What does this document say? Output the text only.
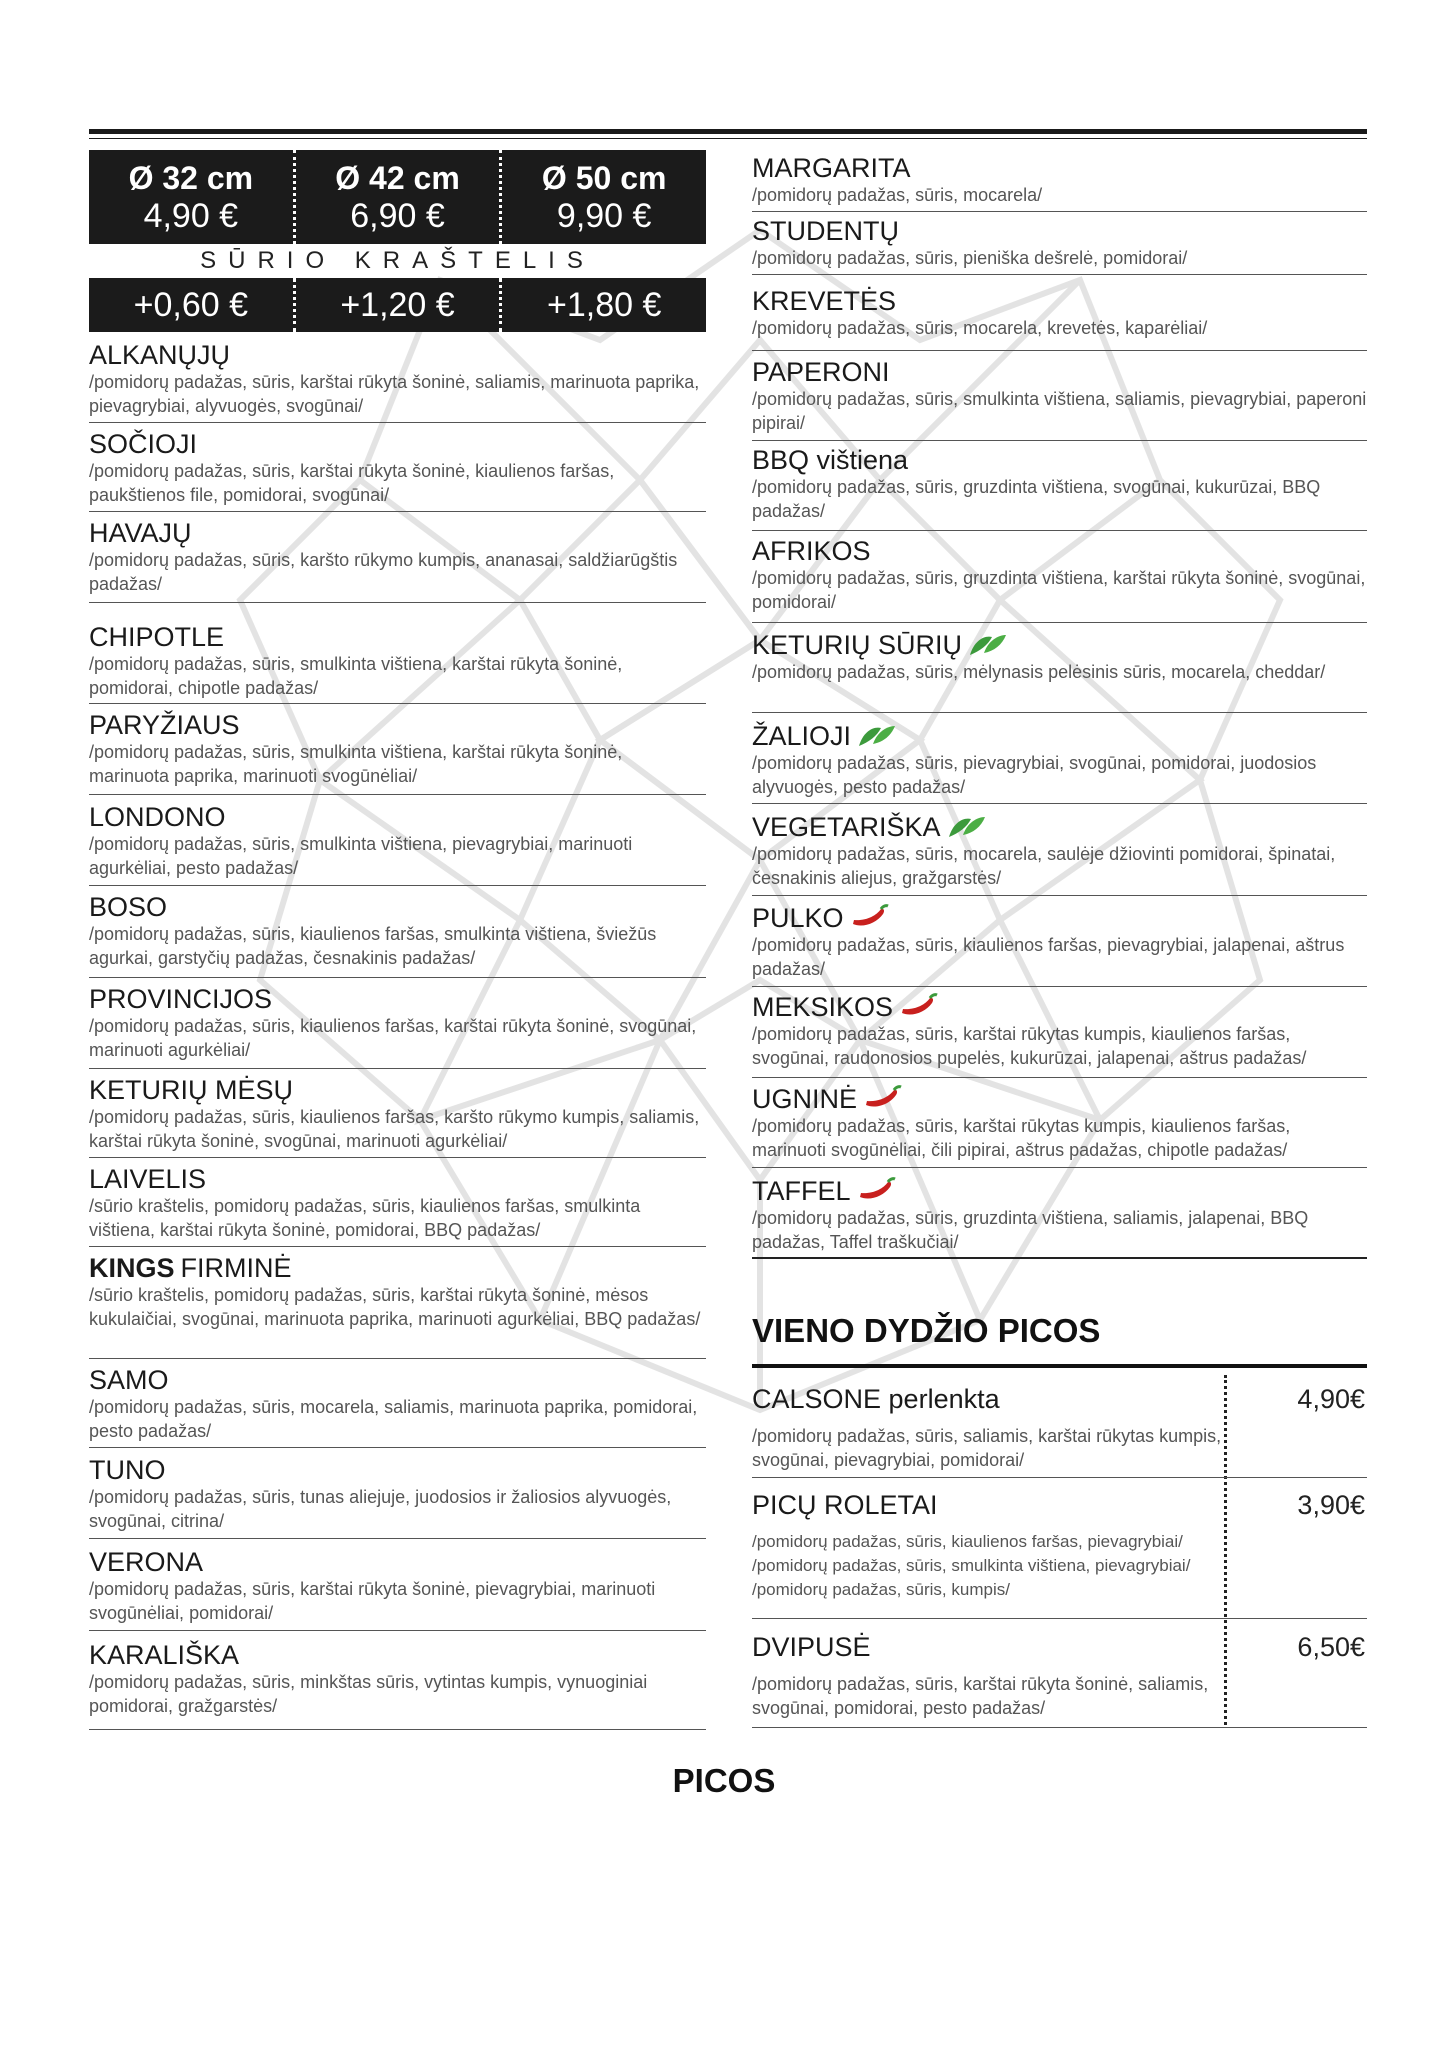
Ø 32 cm
4,90 €
Ø 42 cm
6,90 €
Ø 50 cm
9,90 €
SŪRIO KRAŠTELIS
+0,60 €	+1,20 €	+1,80 €
ALKANŲJŲ
/pomidorų padažas, sūris, karštai rūkyta šoninė, saliamis, marinuota paprika, pievagrybiai, alyvuogės, svogūnai/
SOČIOJI
/pomidorų padažas, sūris, karštai rūkyta šoninė, kiaulienos faršas, paukštienos file, pomidorai, svogūnai/
HAVAJŲ
/pomidorų padažas, sūris, karšto rūkymo kumpis, ananasai, saldžiarūgštis padažas/
CHIPOTLE
/pomidorų padažas, sūris, smulkinta vištiena, karštai rūkyta šoninė, pomidorai, chipotle padažas/
PARYŽIAUS
/pomidorų padažas, sūris, smulkinta vištiena, karštai rūkyta šoninė, marinuota paprika, marinuoti svogūnėliai/
LONDONO
/pomidorų padažas, sūris, smulkinta vištiena, pievagrybiai, marinuoti agurkėliai, pesto padažas/
BOSO
/pomidorų padažas, sūris, kiaulienos faršas, smulkinta vištiena, šviežūs agurkai, garstyčių padažas, česnakinis padažas/
PROVINCIJOS
/pomidorų padažas, sūris, kiaulienos faršas, karštai rūkyta šoninė, svogūnai, marinuoti agurkėliai/
KETURIŲ MĖSŲ
/pomidorų padažas, sūris, kiaulienos faršas, karšto rūkymo kumpis, saliamis, karštai rūkyta šoninė, svogūnai, marinuoti agurkėliai/
LAIVELIS
/sūrio kraštelis, pomidorų padažas, sūris, kiaulienos faršas, smulkinta vištiena, karštai rūkyta šoninė, pomidorai, BBQ padažas/
KINGS FIRMINĖ
/sūrio kraštelis, pomidorų padažas, sūris, karštai rūkyta šoninė, mėsos kukulaičiai, svogūnai, marinuota paprika, marinuoti agurkėliai, BBQ padažas/
SAMO
/pomidorų padažas, sūris, mocarela, saliamis, marinuota paprika, pomidorai, pesto padažas/
TUNO
/pomidorų padažas, sūris, tunas aliejuje, juodosios ir žaliosios alyvuogės, svogūnai, citrina/
VERONA
/pomidorų padažas, sūris, karštai rūkyta šoninė, pievagrybiai, marinuoti svogūnėliai, pomidorai/
KARALIŠKA
/pomidorų padažas, sūris, minkštas sūris, vytintas kumpis, vynuoginiai pomidorai, gražgarstės/
MARGARITA
/pomidorų padažas, sūris, mocarela/
STUDENTŲ
/pomidorų padažas, sūris, pieniška dešrelė, pomidorai/
KREVETĖS
/pomidorų padažas, sūris, mocarela, krevetės, kaparėliai/
PAPERONI
/pomidorų padažas, sūris, smulkinta vištiena, saliamis, pievagrybiai, paperoni pipirai/
BBQ vištiena
/pomidorų padažas, sūris, gruzdinta vištiena, svogūnai, kukurūzai, BBQ padažas/
AFRIKOS
/pomidorų padažas, sūris, gruzdinta vištiena, karštai rūkyta šoninė, svogūnai, pomidorai/
KETURIŲ SŪRIŲ
/pomidorų padažas, sūris, mėlynasis pelėsinis sūris, mocarela, cheddar/
ŽALIOJI
/pomidorų padažas, sūris, pievagrybiai, svogūnai, pomidorai, juodosios alyvuogės, pesto padažas/
VEGETARIŠKA
/pomidorų padažas, sūris, mocarela, saulėje džiovinti pomidorai, špinatai, česnakinis aliejus, gražgarstės/
PULKO
/pomidorų padažas, sūris, kiaulienos faršas, pievagrybiai, jalapenai, aštrus padažas/
MEKSIKOS
/pomidorų padažas, sūris, karštai rūkytas kumpis, kiaulienos faršas, svogūnai, raudonosios pupelės, kukurūzai, jalapenai, aštrus padažas/
UGNINĖ
/pomidorų padažas, sūris, karštai rūkytas kumpis, kiaulienos faršas, marinuoti svogūnėliai, čili pipirai, aštrus padažas, chipotle padažas/
TAFFEL
/pomidorų padažas, sūris, gruzdinta vištiena, saliamis, jalapenai, BBQ padažas, Taffel traškučiai/
VIENO DYDŽIO PICOS
CALSONE perlenkta
/pomidorų padažas, sūris, saliamis, karštai rūkytas kumpis, svogūnai, pievagrybiai, pomidorai/
4,90€
PICŲ ROLETAI
/pomidorų padažas, sūris, kiaulienos faršas, pievagrybiai/
/pomidorų padažas, sūris, smulkinta vištiena, pievagrybiai/
/pomidorų padažas, sūris, kumpis/
3,90€
DVIPUSĖ
/pomidorų padažas, sūris, karštai rūkyta šoninė, saliamis, svogūnai, pomidorai, pesto padažas/
6,50€
PICOS
